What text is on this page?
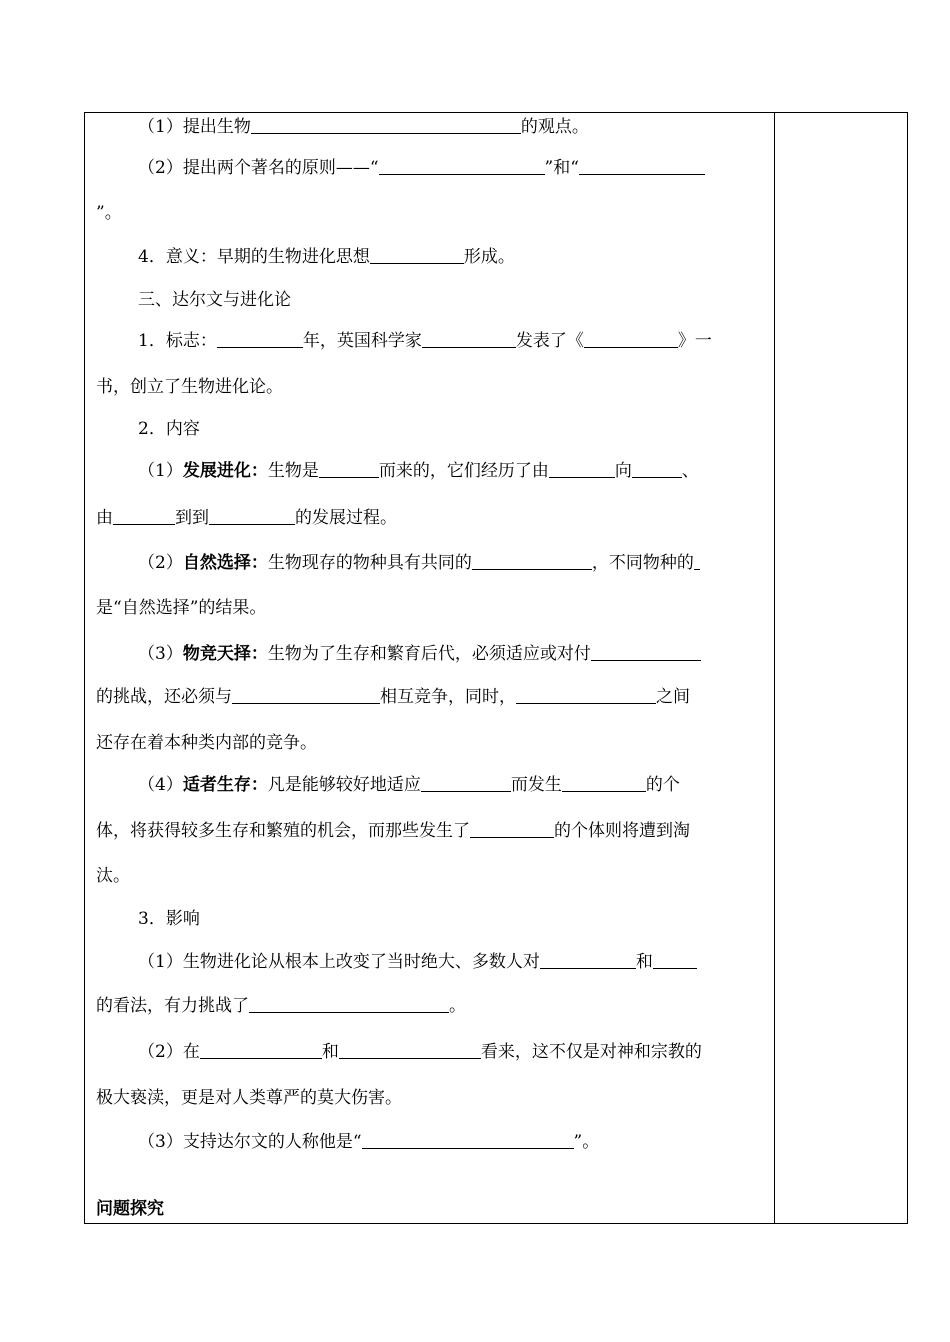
（1）提出生物	的观点。
（2）提出两个著名的原则——“	”和“
”。
4．意义：早期的生物进化思想	形成。
三、达尔文与进化论
1．标志：	年，英国科学家	发表了《	》一
书，创立了生物进化论。
2．内容
（1）发展进化：生物是	而来的，它们经历了由	向	、
由	到到	的发展过程。
（2）自然选择：生物现存的物种具有共同的	，不同物种的
是“自然选择”的结果。
（3）物竞天择：生物为了生存和繁育后代，必须适应或对付
的挑战，还必须与	相互竞争，同时，	之间
还存在着本种类内部的竞争。
（4）适者生存：凡是能够较好地适应	而发生	的个
体，将获得较多生存和繁殖的机会，而那些发生了	的个体则将遭到淘
汰。
3．影响
（1）生物进化论从根本上改变了当时绝大、多数人对	和
的看法，有力挑战了	。
（2）在	和	看来，这不仅是对神和宗教的
极大亵渎，更是对人类尊严的莫大伤害。
（3）支持达尔文的人称他是“	”。
问题探究
